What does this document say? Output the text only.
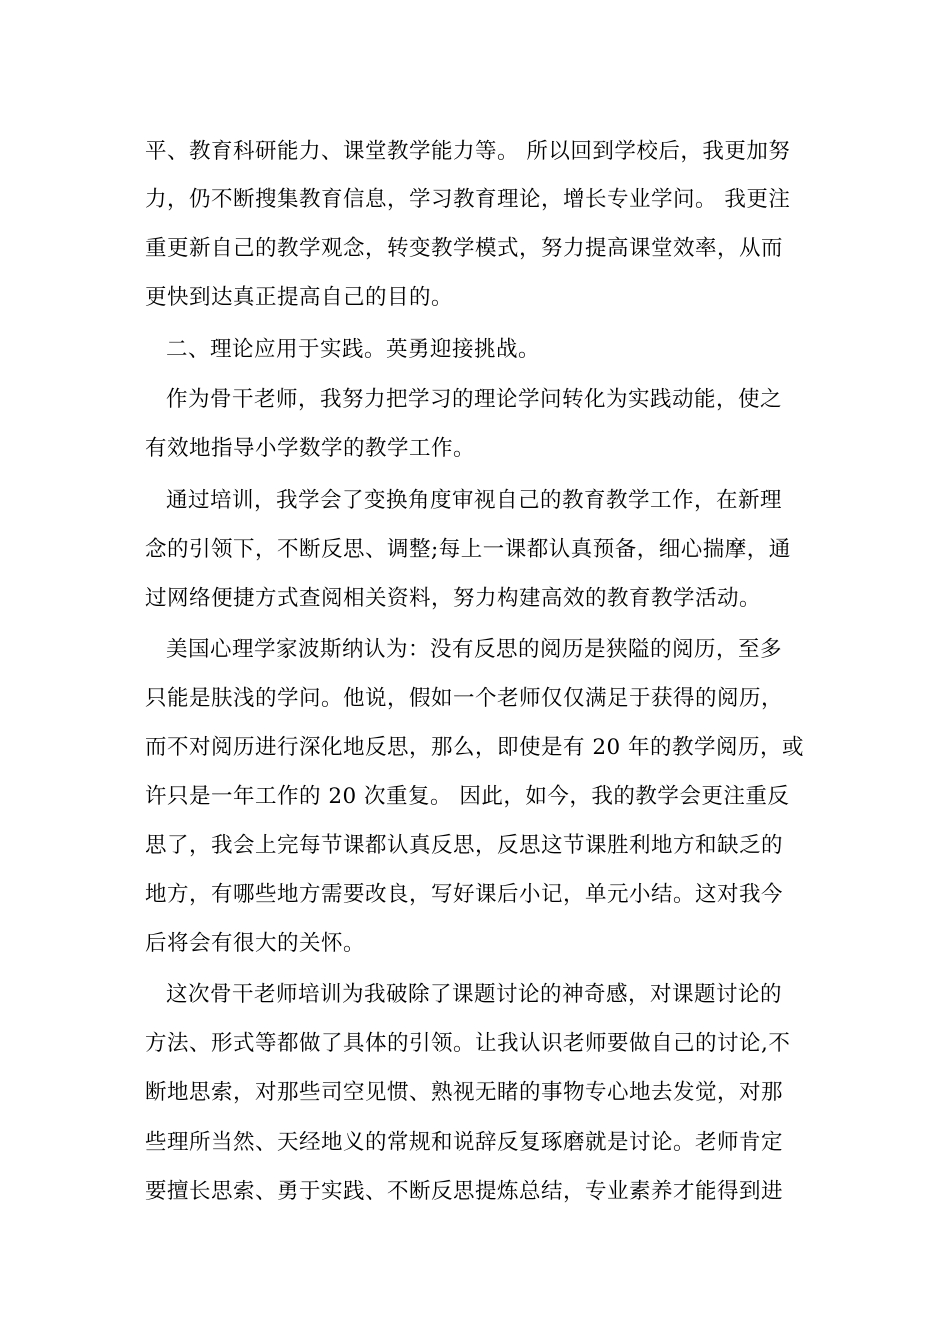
平、教育科研能力、课堂教学能力等。 所以回到学校后，我更加努
力，仍不断搜集教育信息，学习教育理论，增长专业学问。 我更注
重更新自己的教学观念，转变教学模式，努力提高课堂效率，从而
更快到达真正提高自己的目的。
二、理论应用于实践。英勇迎接挑战。
作为骨干老师，我努力把学习的理论学问转化为实践动能，使之
有效地指导小学数学的教学工作。
通过培训，我学会了变换角度审视自己的教育教学工作，在新理
念的引领下，不断反思、调整;每上一课都认真预备，细心揣摩，通
过网络便捷方式查阅相关资料，努力构建高效的教育教学活动。
美国心理学家波斯纳认为：没有反思的阅历是狭隘的阅历，至多
只能是肤浅的学问。他说，假如一个老师仅仅满足于获得的阅历，
而不对阅历进行深化地反思，那么，即使是有 20 年的教学阅历，或
许只是一年工作的 20 次重复。 因此，如今，我的教学会更注重反
思了，我会上完每节课都认真反思，反思这节课胜利地方和缺乏的
地方，有哪些地方需要改良，写好课后小记，单元小结。这对我今
后将会有很大的关怀。
这次骨干老师培训为我破除了课题讨论的神奇感，对课题讨论的
方法、形式等都做了具体的引领。让我认识老师要做自己的讨论,不
断地思索，对那些司空见惯、熟视无睹的事物专心地去发觉，对那
些理所当然、天经地义的常规和说辞反复琢磨就是讨论。老师肯定
要擅长思索、勇于实践、不断反思提炼总结，专业素养才能得到进
